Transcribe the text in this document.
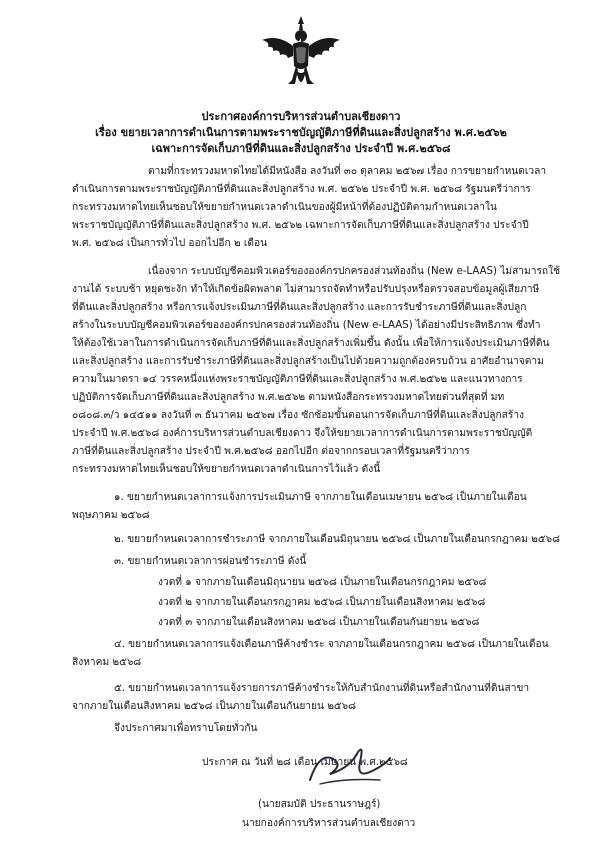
ประกาศองค์การบริหารส่วนตำบลเชียงดาว
เรื่อง ขยายเวลาการดำเนินการตามพระราชบัญญัติภาษีที่ดินและสิ่งปลูกสร้าง พ.ศ.๒๕๖๒
เฉพาะการจัดเก็บภาษีที่ดินและสิ่งปลูกสร้าง ประจำปี พ.ศ.๒๕๖๘
ตามที่กระทรวงมหาดไทยได้มีหนังสือ ลงวันที่ ๓๐ ตุลาคม ๒๕๖๗ เรื่อง การขยายกำหนดเวลา
ดำเนินการตามพระราชบัญญัติภาษีที่ดินและสิ่งปลูกสร้าง พ.ศ. ๒๕๖๒ ประจำปี พ.ศ. ๒๕๖๘ รัฐมนตรีว่าการ
กระทรวงมหาดไทยเห็นชอบให้ขยายกำหนดเวลาดำเนินของผู้มีหน้าที่ต้องปฏิบัติตามกำหนดเวลาใน
พระราชบัญญัติภาษีที่ดินและสิ่งปลูกสร้าง พ.ศ. ๒๕๖๒ เฉพาะการจัดเก็บภาษีที่ดินและสิ่งปลูกสร้าง ประจำปี
พ.ศ. ๒๕๖๘ เป็นการทั่วไป ออกไปอีก ๒ เดือน
เนื่องจาก ระบบบัญชีคอมพิวเตอร์ขององค์กรปกครองส่วนท้องถิ่น (New e-LAAS) ไม่สามารถใช้
งานได้ ระบบช้า หยุดชะงัก ทำให้เกิดข้อผิดพลาด ไม่สามารถจัดทำหรือปรับปรุงหรือตรวจสอบข้อมูลผู้เสียภาษี
ที่ดินและสิ่งปลูกสร้าง หรือการแจ้งประเมินภาษีที่ดินและสิ่งปลูกสร้าง และการรับชำระภาษีที่ดินและสิ่งปลูก
สร้างในระบบบัญชีคอมพิวเตอร์ขององค์กรปกครองส่วนท้องถิ่น (New e-LAAS) ได้อย่างมีประสิทธิภาพ ซึ่งทำ
ให้ต้องใช้เวลาในการดำเนินการจัดเก็บภาษีที่ดินและสิ่งปลูกสร้างเพิ่มขึ้น ดังนั้น เพื่อให้การแจ้งประเมินภาษีที่ดิน
และสิ่งปลูกสร้าง และการรับชำระภาษีที่ดินและสิ่งปลูกสร้างเป็นไปด้วยความถูกต้องครบถ้วน อาศัยอำนาจตาม
ความในมาตรา ๑๔ วรรคหนึ่งแห่งพระราชบัญญัติภาษีที่ดินและสิ่งปลูกสร้าง พ.ศ.๒๕๖๒ และแนวทางการ
ปฏิบัติการจัดเก็บภาษีที่ดินและสิ่งปลูกสร้าง พ.ศ.๒๕๖๒ ตามหนังสือกระทรวงมหาดไทยด่วนที่สุดที่ มท
๐๘๐๘.๓/ว ๑๔๕๑๑ ลงวันที่ ๓ ธันวาคม ๒๕๖๗ เรื่อง ซักซ้อมขั้นตอนการจัดเก็บภาษีที่ดินและสิ่งปลูกสร้าง
ประจำปี พ.ศ.๒๕๖๘ องค์การบริหารส่วนตำบลเชียงดาว จึงให้ขยายเวลาการดำเนินการตามพระราชบัญญัติ
ภาษีที่ดินและสิ่งปลูกสร้าง ประจำปี พ.ศ.๒๕๖๘ ออกไปอีก ต่อจากกรอบเวลาที่รัฐมนตรีว่าการ
กระทรวงมหาดไทยเห็นชอบให้ขยายกำหนดเวลาดำเนินการไว้แล้ว ดังนี้
๑. ขยายกำหนดเวลาการแจ้งการประเมินภาษี จากภายในเดือนเมษายน ๒๕๖๘ เป็นภายในเดือน
พฤษภาคม ๒๕๖๘
๒. ขยายกำหนดเวลาการชำระภาษี จากภายในเดือนมิถุนายน ๒๕๖๘ เป็นภายในเดือนกรกฎาคม ๒๕๖๘
๓. ขยายกำหนดเวลาการผ่อนชำระภาษี ดังนี้
งวดที่ ๑ จากภายในเดือนมิถุนายน ๒๕๖๘ เป็นภายในเดือนกรกฎาคม ๒๕๖๘
งวดที่ ๒ จากภายในเดือนกรกฎาคม ๒๕๖๘ เป็นภายในเดือนสิงหาคม ๒๕๖๘
งวดที่ ๓ จากภายในเดือนสิงหาคม ๒๕๖๘ เป็นภายในเดือนกันยายน ๒๕๖๘
๔. ขยายกำหนดเวลาการแจ้งเตือนภาษีค้างชำระ จากภายในเดือนกรกฎาคม ๒๕๖๘ เป็นภายในเดือน
สิงหาคม ๒๕๖๘
๕. ขยายกำหนดเวลาการแจ้งรายการภาษีค้างชำระให้กับสำนักงานที่ดินหรือสำนักงานที่ดินสาขา
จากภายในเดือนสิงหาคม ๒๕๖๘ เป็นภายในเดือนกันยายน ๒๕๖๘
จึงประกาศมาเพื่อทราบโดยทั่วกัน
ประกาศ ณ วันที่ ๒๘ เดือน เมษายน พ.ศ.๒๕๖๘
(นายสมบัติ ประธานราษฎร์)
นายกองค์การบริหารส่วนตำบลเชียงดาว
